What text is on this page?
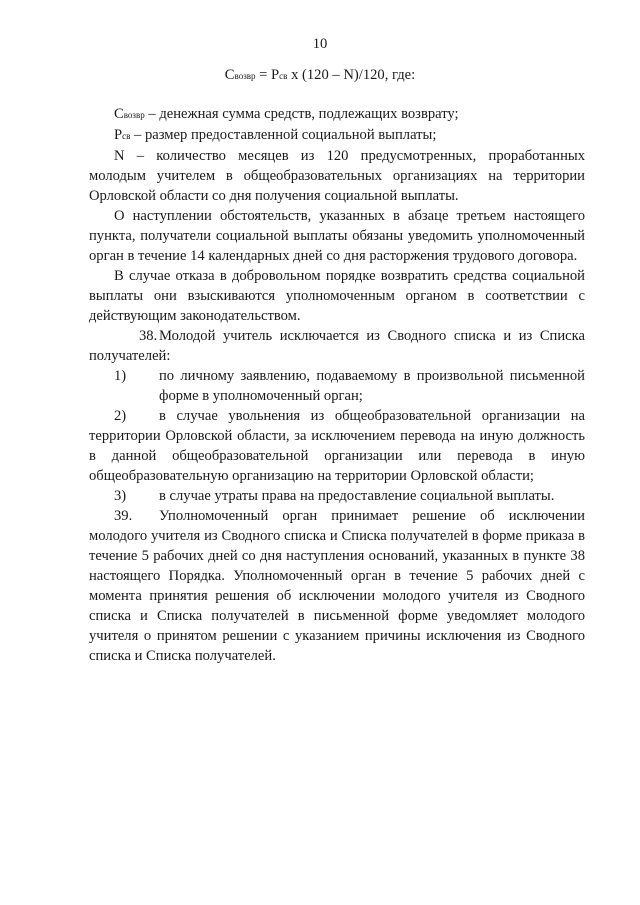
10
Cвозвр = Pсв x (120 – N)/120, где:

Cвозвр – денежная сумма средств, подлежащих возврату;

Pсв – размер предоставленной социальной выплаты;

N – количество месяцев из 120 предусмотренных, проработанных молодым учителем в общеобразовательных организациях на территории Орловской области со дня получения социальной выплаты.

О наступлении обстоятельств, указанных в абзаце третьем настоящего пункта, получатели социальной выплаты обязаны уведомить уполномоченный орган в течение 14 календарных дней со дня расторжения трудового договора.

В случае отказа в добровольном порядке возвратить средства социальной выплаты они взыскиваются уполномоченным органом в соответствии с действующим законодательством.

38. Молодой учитель исключается из Сводного списка и из Списка получателей:

1)	по личному заявлению, подаваемому в произвольной письменной форме в уполномоченный орган;

2) в случае увольнения из общеобразовательной организации на территории Орловской области, за исключением перевода на иную должность в данной общеобразовательной организации или перевода в иную общеобразовательную организацию на территории Орловской области;

3)	в случае утраты права на предоставление социальной выплаты.

39. Уполномоченный орган принимает решение об исключении молодого учителя из Сводного списка и Списка получателей в форме приказа в течение 5 рабочих дней со дня наступления оснований, указанных в пункте 38 настоящего Порядка. Уполномоченный орган в течение 5 рабочих дней с момента принятия решения об исключении молодого учителя из Сводного списка и Списка получателей в письменной форме уведомляет молодого учителя о принятом решении с указанием причины исключения из Сводного списка и Списка получателей.
